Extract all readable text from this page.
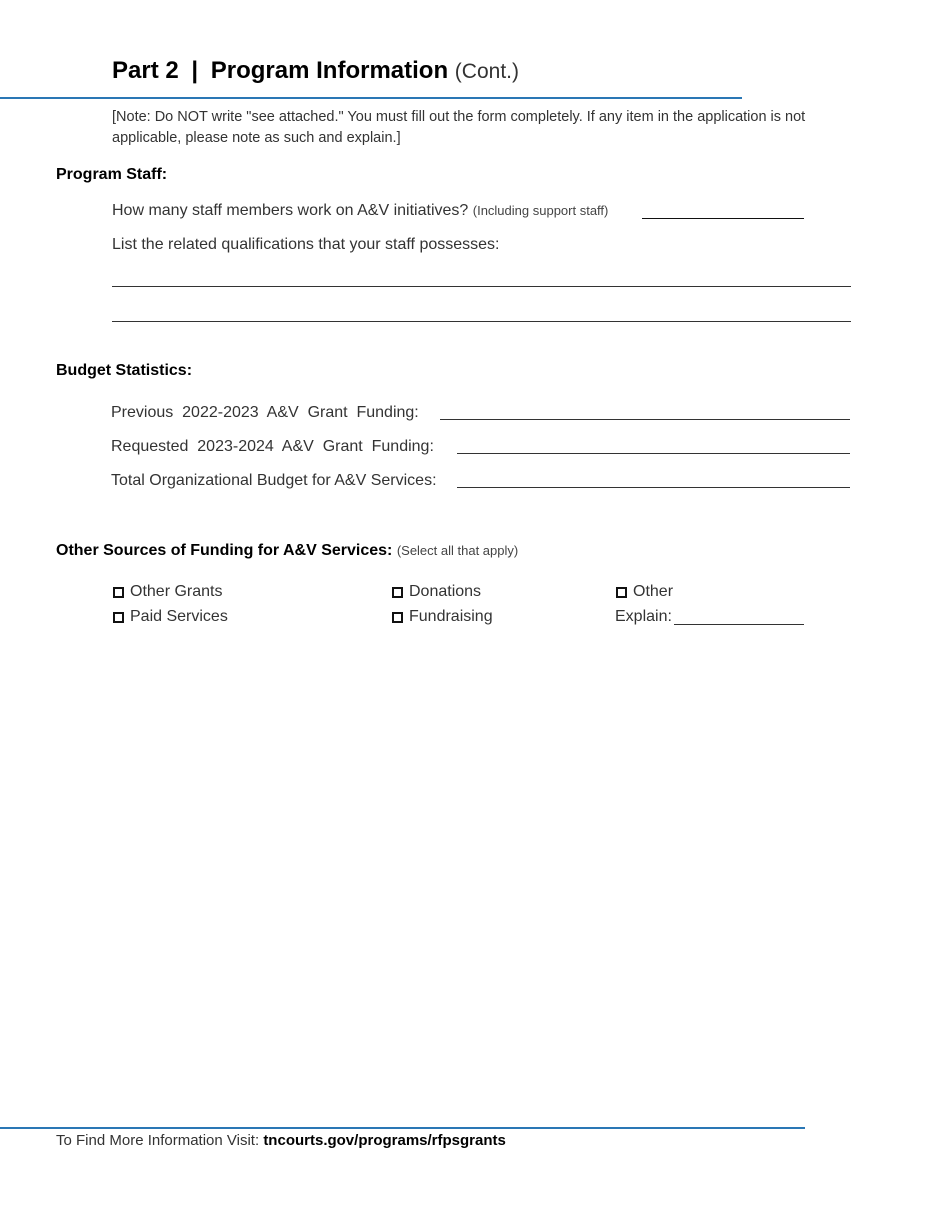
Part 2 | Program Information (Cont.)
[Note: Do NOT write "see attached." You must fill out the form completely. If any item in the application is not applicable, please note as such and explain.]
Program Staff:
How many staff members work on A&V initiatives? (Including support staff)
List the related qualifications that your staff possesses:
Budget Statistics:
Previous  2022-2023  A&V  Grant  Funding:
Requested  2023-2024  A&V  Grant  Funding:
Total Organizational Budget for A&V Services:
Other Sources of Funding for A&V Services: (Select all that apply)
Other Grants
Paid Services
Donations
Fundraising
Other
Explain:
To Find More Information Visit: tncourts.gov/programs/rfpsgrants
